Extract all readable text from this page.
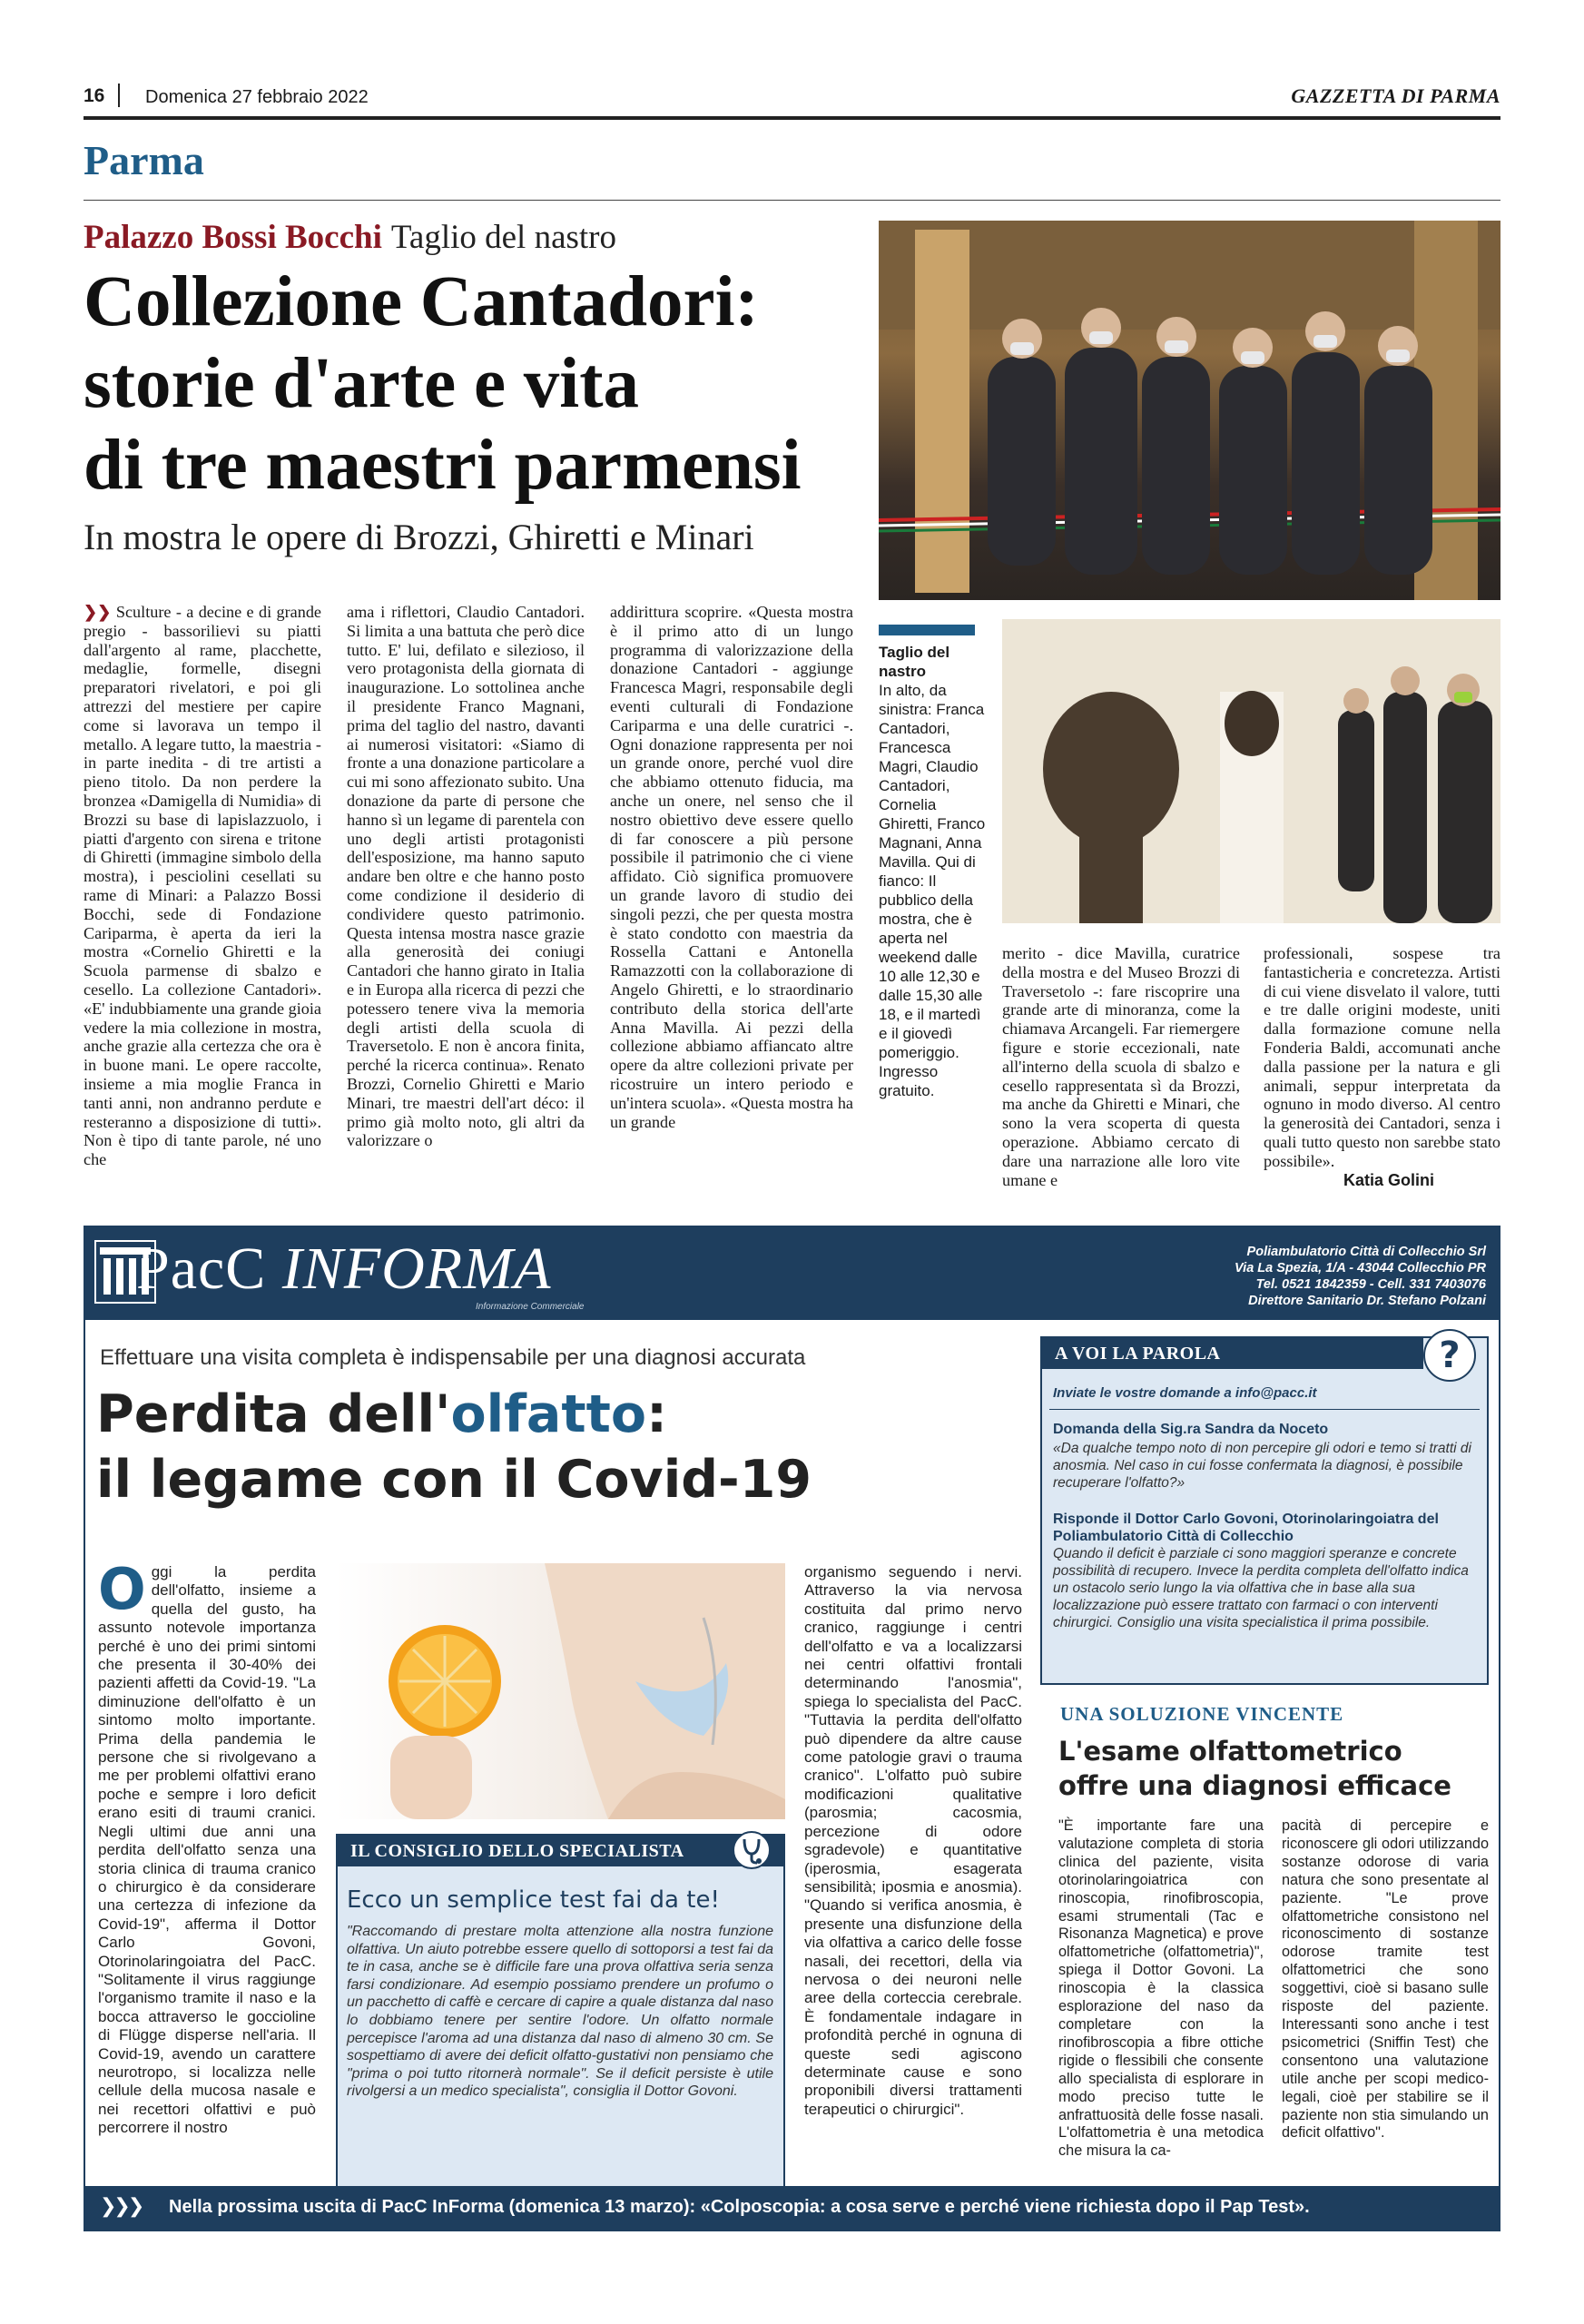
16 Domenica 27 febbraio 2022	GAZZETTA DI PARMA
Parma
Palazzo Bossi Bocchi Taglio del nastro
Collezione Cantadori:
storie d'arte e vita
di tre maestri parmensi
In mostra le opere di Brozzi, Ghiretti e Minari
Taglio del nastro
In alto, da sinistra: Franca Cantadori, Francesca Magri, Claudio Cantadori, Cornelia Ghiretti, Franco Magnani, Anna Mavilla. Qui di fianco: Il pubblico della mostra, che è aperta nel weekend dalle 10 alle 12,30 e dalle 15,30 alle 18, e il martedì e il giovedì pomeriggio. Ingresso gratuito.
❯❯ Sculture - a decine e di grande pregio - bassorilievi su piatti dall'argento al rame, placchette, medaglie, formelle, disegni preparatori rivelatori, e poi gli attrezzi del mestiere per capire come si lavorava un tempo il metallo. A legare tutto, la maestria - in parte inedita - di tre artisti a pieno titolo. Da non perdere la bronzea «Damigella di Numidia» di Brozzi su base di lapislazzuolo, i piatti d'argento con sirena e tritone di Ghiretti (immagine simbolo della mostra), i pesciolini cesellati su rame di Minari: a Palazzo Bossi Bocchi, sede di Fondazione Cariparma, è aperta da ieri la mostra «Cornelio Ghiretti e la Scuola parmense di sbalzo e cesello. La collezione Cantadori». «E' indubbiamente una grande gioia vedere la mia collezione in mostra, anche grazie alla certezza che ora è in buone mani. Le opere raccolte, insieme a mia moglie Franca in tanti anni, non andranno perdute e resteranno a disposizione di tutti». Non è tipo di tante parole, né uno che
ama i riflettori, Claudio Cantadori. Si limita a una battuta che però dice tutto. E' lui, defilato e silezioso, il vero protagonista della giornata di inaugurazione. Lo sottolinea anche il presidente Franco Magnani, prima del taglio del nastro, davanti ai numerosi visitatori: «Siamo di fronte a una donazione particolare a cui mi sono affezionato subito. Una donazione da parte di persone che hanno sì un legame di parentela con uno degli artisti protagonisti dell'esposizione, ma hanno saputo andare ben oltre e che hanno posto come condizione il desiderio di condividere questo patrimonio. Questa intensa mostra nasce grazie alla generosità dei coniugi Cantadori che hanno girato in Italia e in Europa alla ricerca di pezzi che potessero tenere viva la memoria degli artisti della scuola di Traversetolo. E non è ancora finita, perché la ricerca continua». Renato Brozzi, Cornelio Ghiretti e Mario Minari, tre maestri dell'art déco: il primo già molto noto, gli altri da valorizzare o
addirittura scoprire. «Questa mostra è il primo atto di un lungo programma di valorizzazione della donazione Cantadori - aggiunge Francesca Magri, responsabile degli eventi culturali di Fondazione Cariparma e una delle curatrici -. Ogni donazione rappresenta per noi un grande onore, perché vuol dire che abbiamo ottenuto fiducia, ma anche un onere, nel senso che il nostro obiettivo deve essere quello di far conoscere a più persone possibile il patrimonio che ci viene affidato. Ciò significa promuovere un grande lavoro di studio dei singoli pezzi, che per questa mostra è stato condotto con maestria da Rossella Cattani e Antonella Ramazzotti con la collaborazione di Angelo Ghiretti, e lo straordinario contributo della storica dell'arte Anna Mavilla. Ai pezzi della collezione abbiamo affiancato altre opere da altre collezioni private per ricostruire un intero periodo e un'intera scuola». «Questa mostra ha un grande
merito - dice Mavilla, curatrice della mostra e del Museo Brozzi di Traversetolo -: fare riscoprire una grande arte di minoranza, come la chiamava Arcangeli. Far riemergere figure e storie eccezionali, nate all'interno della scuola di sbalzo e cesello rappresentata sì da Brozzi, ma anche da Ghiretti e Minari, che sono la vera scoperta di questa operazione. Abbiamo cercato di dare una narrazione alle loro vite umane e
professionali, sospese tra fantasticheria e concretezza. Artisti di cui viene disvelato il valore, tutti e tre dalle origini modeste, uniti dalla formazione comune nella Fonderia Baldi, accomunati anche dalla passione per la natura e gli animali, seppur interpretata da ognuno in modo diverso. Al centro la generosità dei Cantadori, senza i quali tutto questo non sarebbe stato possibile».
Katia Golini
PacC INFORMA
Informazione Commerciale
Poliambulatorio Città di Collecchio Srl
Via La Spezia, 1/A - 43044 Collecchio PR
Tel. 0521 1842359 - Cell. 331 7403076
Direttore Sanitario Dr. Stefano Polzani
Effettuare una visita completa è indispensabile per una diagnosi accurata
Perdita dell'olfatto:
il legame con il Covid-19
Oggi la perdita dell'olfatto, insieme a quella del gusto, ha assunto notevole importanza perché è uno dei primi sintomi che presenta il 30-40% dei pazienti affetti da Covid-19. "La diminuzione dell'olfatto è un sintomo molto importante. Prima della pandemia le persone che si rivolgevano a me per problemi olfattivi erano poche e sempre i loro deficit erano esiti di traumi cranici. Negli ultimi due anni una perdita dell'olfatto senza una storia clinica di trauma cranico o chirurgico è da considerare una certezza di infezione da Covid-19", afferma il Dottor Carlo Govoni, Otorinolaringoiatra del PacC. "Solitamente il virus raggiunge l'organismo tramite il naso e la bocca attraverso le goccioline di Flügge disperse nell'aria. Il Covid-19, avendo un carattere neurotropo, si localizza nelle cellule della mucosa nasale e nei recettori olfattivi e può percorrere il nostro
organismo seguendo i nervi. Attraverso la via nervosa costituita dal primo nervo cranico, raggiunge i centri dell'olfatto e va a localizzarsi nei centri olfattivi frontali determinando l'anosmia", spiega lo specialista del PacC. "Tuttavia la perdita dell'olfatto può dipendere da altre cause come patologie gravi o trauma cranico". L'olfatto può subire modificazioni qualitative (parosmia; cacosmia, percezione di odore sgradevole) e quantitative (iperosmia, esagerata sensibilità; iposmia e anosmia). "Quando si verifica anosmia, è presente una disfunzione della via olfattiva a carico delle fosse nasali, dei recettori, della via nervosa o dei neuroni nelle aree della corteccia cerebrale. È fondamentale indagare in profondità perché in ognuna di queste sedi agiscono determinate cause e sono proponibili diversi trattamenti terapeutici o chirurgici".
IL CONSIGLIO DELLO SPECIALISTA
Ecco un semplice test fai da te!
"Raccomando di prestare molta attenzione alla nostra funzione olfattiva. Un aiuto potrebbe essere quello di sottoporsi a test fai da te in casa, anche se è difficile fare una prova olfattiva seria senza farsi condizionare. Ad esempio possiamo prendere un profumo o un pacchetto di caffè e cercare di capire a quale distanza dal naso lo dobbiamo tenere per sentire l'odore. Un olfatto normale percepisce l'aroma ad una distanza dal naso di almeno 30 cm. Se sospettiamo di avere dei deficit olfatto-gustativi non pensiamo che "prima o poi tutto ritornerà normale". Se il deficit persiste è utile rivolgersi a un medico specialista", consiglia il Dottor Govoni.
A VOI LA PAROLA	?
Inviate le vostre domande a info@pacc.it
Domanda della Sig.ra Sandra da Noceto
«Da qualche tempo noto di non percepire gli odori e temo si tratti di anosmia. Nel caso in cui fosse confermata la diagnosi, è possibile recuperare l'olfatto?»
Risponde il Dottor Carlo Govoni, Otorinolaringoiatra del Poliambulatorio Città di Collecchio
Quando il deficit è parziale ci sono maggiori speranze e concrete possibilità di recupero. Invece la perdita completa dell'olfatto indica un ostacolo serio lungo la via olfattiva che in base alla sua localizzazione può essere trattato con farmaci o con interventi chirurgici. Consiglio una visita specialistica il prima possibile.
UNA SOLUZIONE VINCENTE
L'esame olfattometrico
offre una diagnosi efficace
"È importante fare una valutazione completa di storia clinica del paziente, visita otorinolaringoiatrica con rinoscopia, rinofibroscopia, esami strumentali (Tac e Risonanza Magnetica) e prove olfattometriche (olfattometria)", spiega il Dottor Govoni. La rinoscopia è la classica esplorazione del naso da completare con la rinofibroscopia a fibre ottiche rigide o flessibili che consente allo specialista di esplorare in modo preciso tutte le anfrattuosità delle fosse nasali. L'olfattometria è una metodica che misura la ca-
pacità di percepire e riconoscere gli odori utilizzando sostanze odorose di varia natura che sono presentate al paziente. "Le prove olfattometriche consistono nel riconoscimento di sostanze odorose tramite test olfattometrici che sono soggettivi, cioè si basano sulle risposte del paziente. Interessanti sono anche i test psicometrici (Sniffin Test) che consentono una valutazione utile anche per scopi medico-legali, cioè per stabilire se il paziente non stia simulando un deficit olfattivo".
❯❯❯ Nella prossima uscita di PacC InForma (domenica 13 marzo): «Colposcopia: a cosa serve e perché viene richiesta dopo il Pap Test».
